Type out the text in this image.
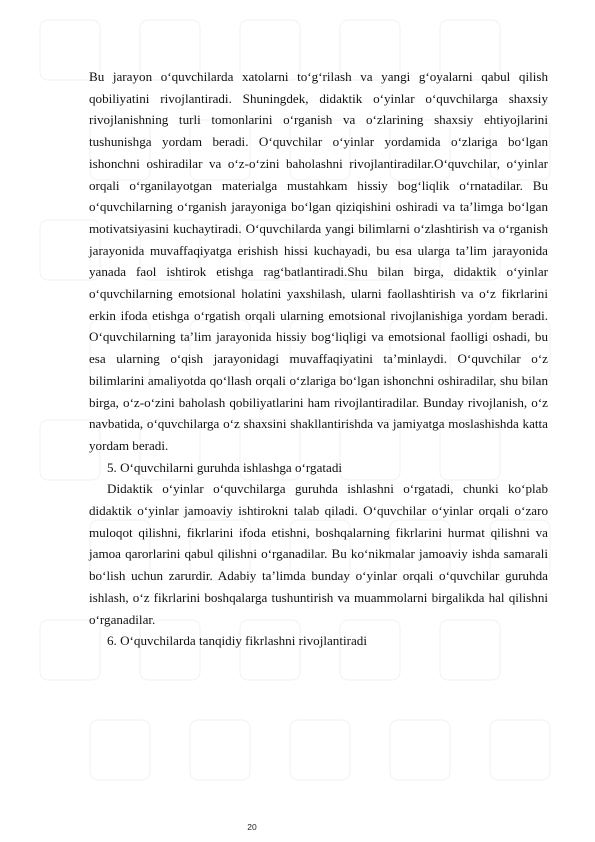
Bu jarayon o‘quvchilarda xatolarni to‘g‘rilash va yangi g‘oyalarni qabul qilish qobiliyatini rivojlantiradi. Shuningdek, didaktik o‘yinlar o‘quvchilarga shaxsiy rivojlanishning turli tomonlarini o‘rganish va o‘zlarining shaxsiy ehtiyojlarini tushunishga yordam beradi. O‘quvchilar o‘yinlar yordamida o‘zlariga bo‘lgan ishonchni oshiradilar va o‘z-o‘zini baholashni rivojlantiradilar.O‘quvchilar, o‘yinlar orqali o‘rganilayotgan materialga mustahkam hissiy bog‘liqlik o‘rnatadilar. Bu o‘quvchilarning o‘rganish jarayoniga bo‘lgan qiziqishini oshiradi va ta’limga bo‘lgan motivatsiyasini kuchaytiradi. O‘quvchilarda yangi bilimlarni o‘zlashtirish va o‘rganish jarayonida muvaffaqiyatga erishish hissi kuchayadi, bu esa ularga ta’lim jarayonida yanada faol ishtirok etishga rag‘batlantiradi.Shu bilan birga, didaktik o‘yinlar o‘quvchilarning emotsional holatini yaxshilash, ularni faollashtirish va o‘z fikrlarini erkin ifoda etishga o‘rgatish orqali ularning emotsional rivojlanishiga yordam beradi. O‘quvchilarning ta’lim jarayonida hissiy bog‘liqligi va emotsional faolligi oshadi, bu esa ularning o‘qish jarayonidagi muvaffaqiyatini ta’minlaydi. O‘quvchilar o‘z bilimlarini amaliyotda qo‘llash orqali o‘zlariga bo‘lgan ishonchni oshiradilar, shu bilan birga, o‘z-o‘zini baholash qobiliyatlarini ham rivojlantiradilar. Bunday rivojlanish, o‘z navbatida, o‘quvchilarga o‘z shaxsini shakllantirishda va jamiyatga moslashishda katta yordam beradi.

5. O‘quvchilarni guruhda ishlashga o‘rgatadi

Didaktik o‘yinlar o‘quvchilarga guruhda ishlashni o‘rgatadi, chunki ko‘plab didaktik o‘yinlar jamoaviy ishtirokni talab qiladi. O‘quvchilar o‘yinlar orqali o‘zaro muloqot qilishni, fikrlarini ifoda etishni, boshqalarning fikrlarini hurmat qilishni va jamoa qarorlarini qabul qilishni o‘rganadilar. Bu ko‘nikmalar jamoaviy ishda samarali bo‘lish uchun zarurdir. Adabiy ta’limda bunday o‘yinlar orqali o‘quvchilar guruhda ishlash, o‘z fikrlarini boshqalarga tushuntirish va muammolarni birgalikda hal qilishni o‘rganadilar.

6. O‘quvchilarda tanqidiy fikrlashni rivojlantiradi

20
